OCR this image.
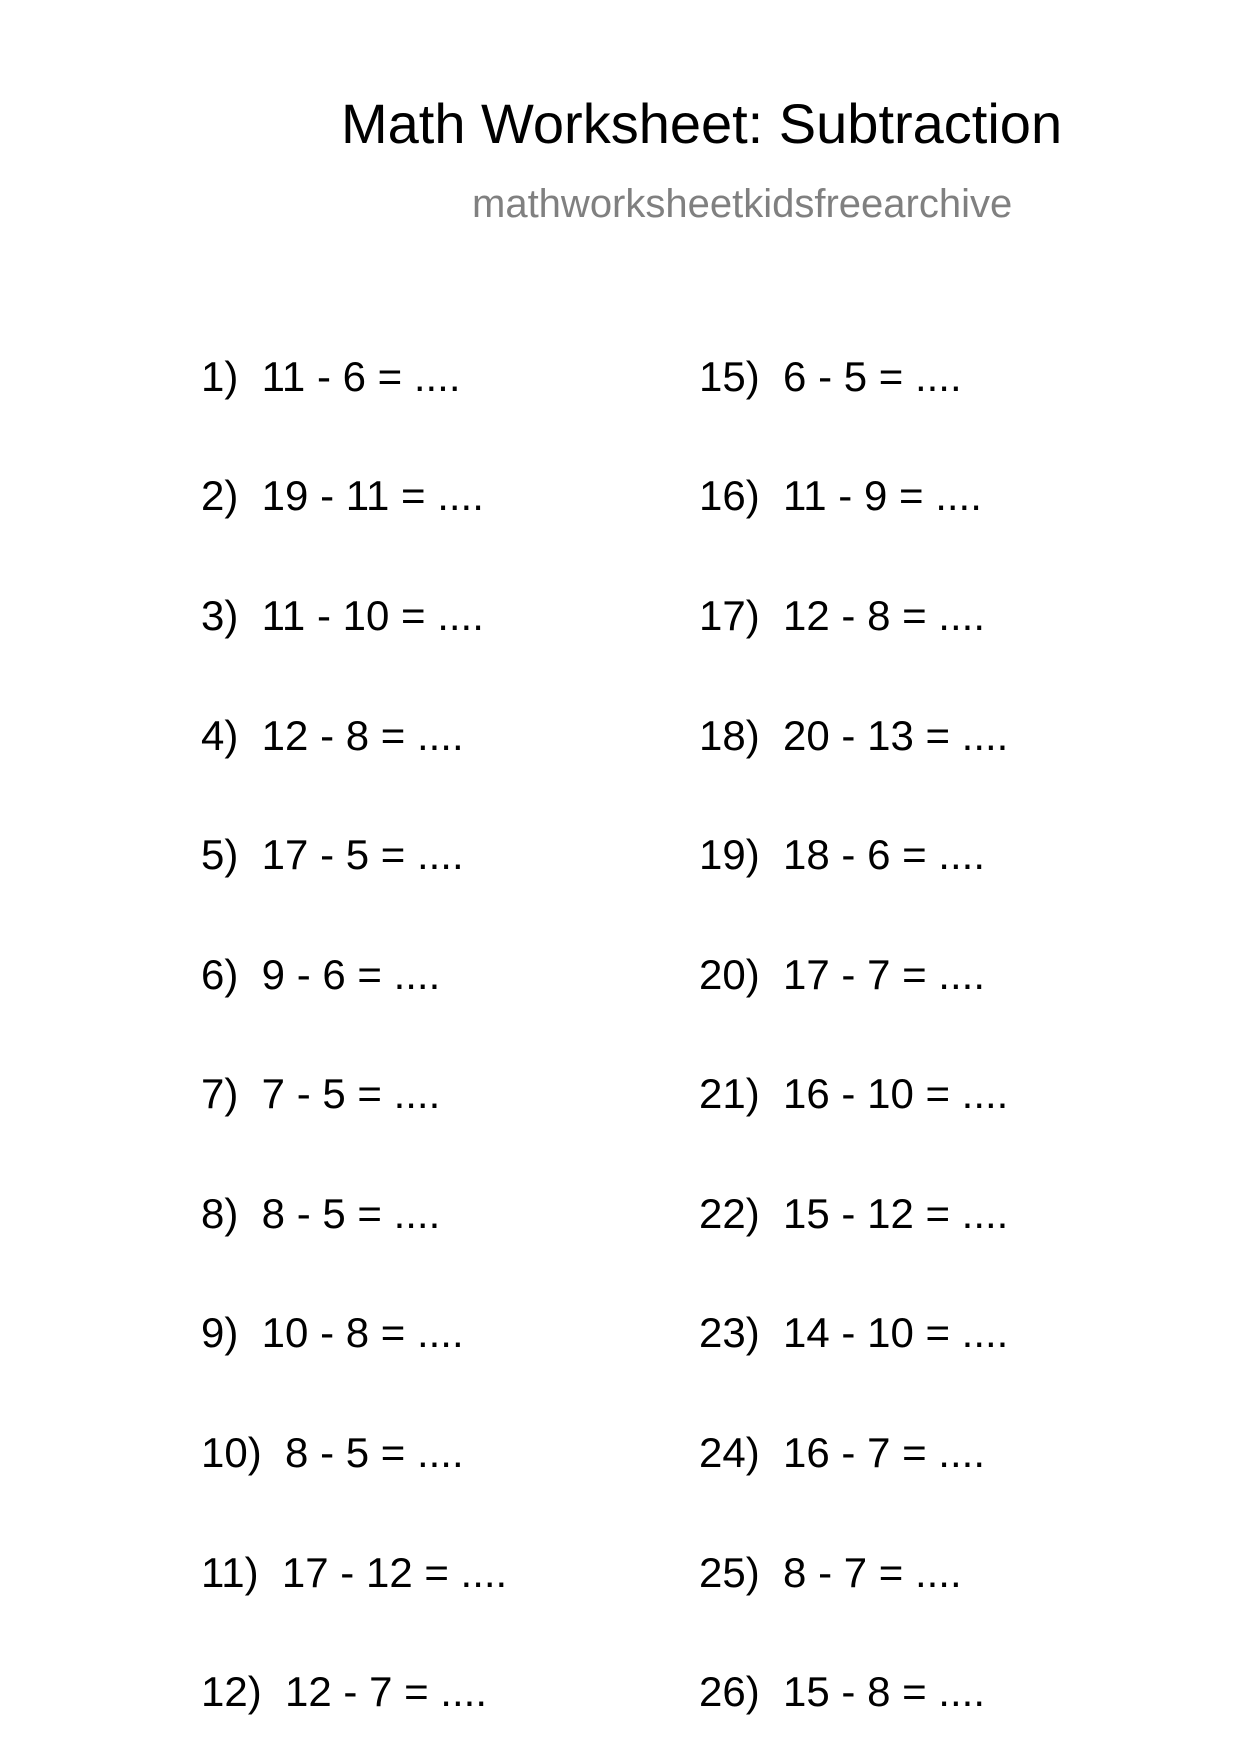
Math Worksheet: Subtraction
mathworksheetkidsfreearchive
1)  11 - 6 = ....
2)  19 - 11 = ....
3)  11 - 10 = ....
4)  12 - 8 = ....
5)  17 - 5 = ....
6)  9 - 6 = ....
7)  7 - 5 = ....
8)  8 - 5 = ....
9)  10 - 8 = ....
10)  8 - 5 = ....
11)  17 - 12 = ....
12)  12 - 7 = ....
15)  6 - 5 = ....
16)  11 - 9 = ....
17)  12 - 8 = ....
18)  20 - 13 = ....
19)  18 - 6 = ....
20)  17 - 7 = ....
21)  16 - 10 = ....
22)  15 - 12 = ....
23)  14 - 10 = ....
24)  16 - 7 = ....
25)  8 - 7 = ....
26)  15 - 8 = ....
